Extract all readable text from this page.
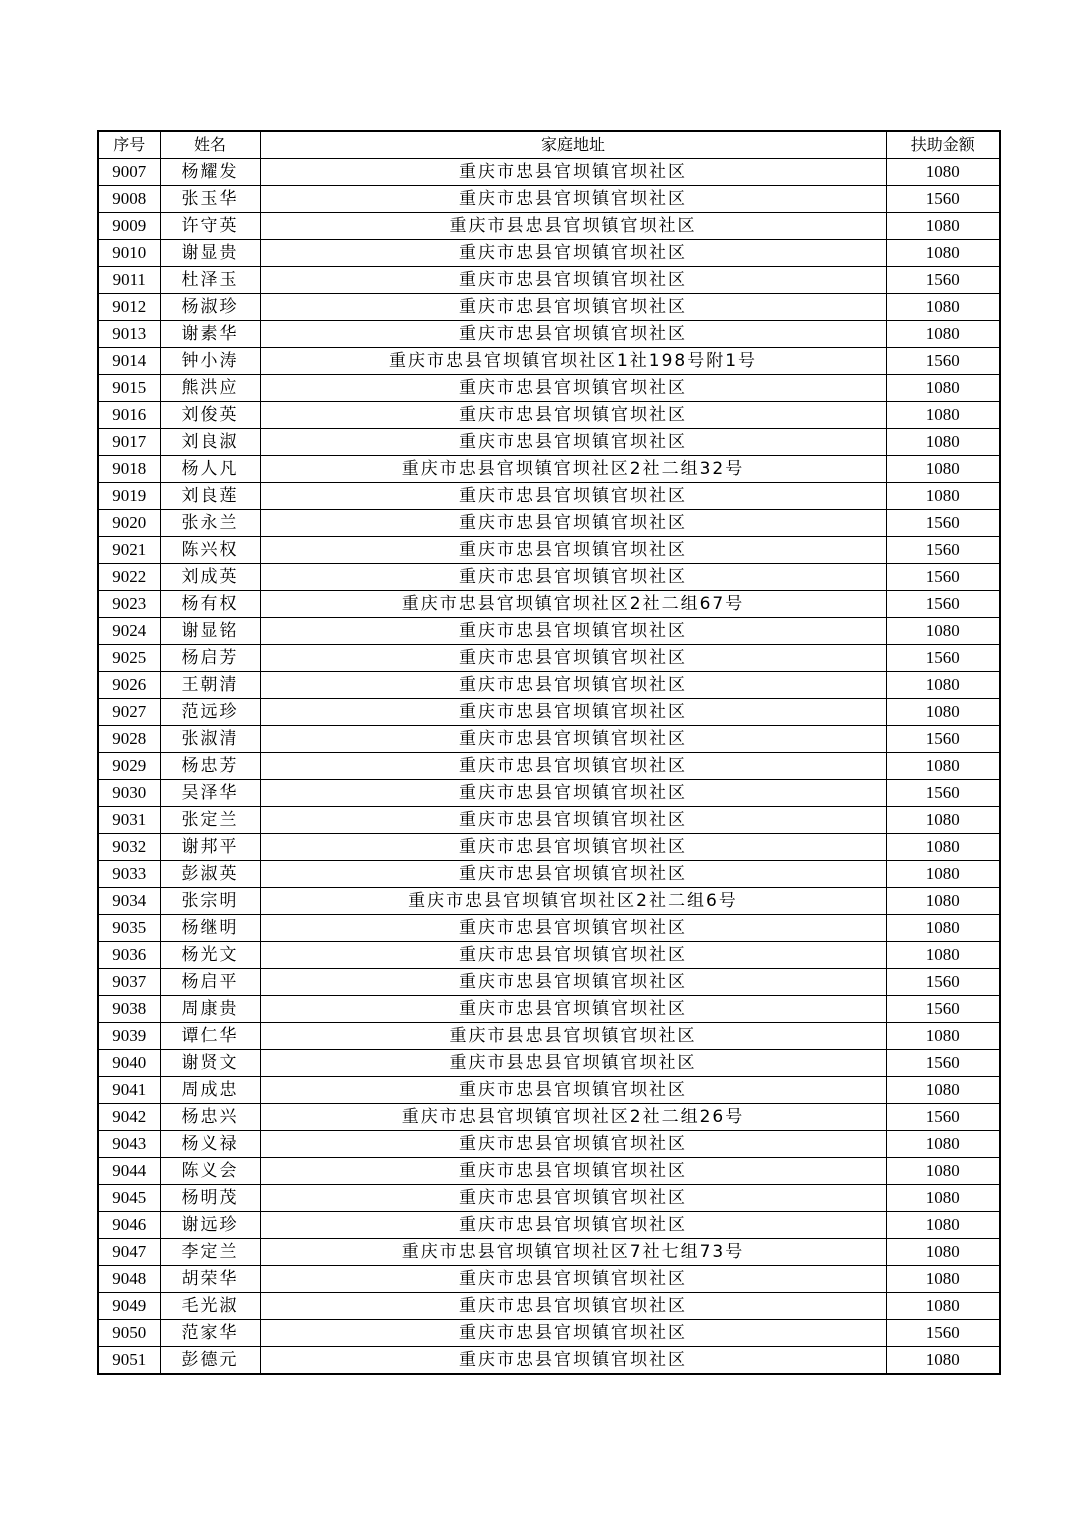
序号	姓名	家庭地址	扶助金额
9007	杨耀发	重庆市忠县官坝镇官坝社区	1080
9008	张玉华	重庆市忠县官坝镇官坝社区	1560
9009	许守英	重庆市县忠县官坝镇官坝社区	1080
9010	谢显贵	重庆市忠县官坝镇官坝社区	1080
9011	杜泽玉	重庆市忠县官坝镇官坝社区	1560
9012	杨淑珍	重庆市忠县官坝镇官坝社区	1080
9013	谢素华	重庆市忠县官坝镇官坝社区	1080
9014	钟小涛	重庆市忠县官坝镇官坝社区1社198号附1号	1560
9015	熊洪应	重庆市忠县官坝镇官坝社区	1080
9016	刘俊英	重庆市忠县官坝镇官坝社区	1080
9017	刘良淑	重庆市忠县官坝镇官坝社区	1080
9018	杨人凡	重庆市忠县官坝镇官坝社区2社二组32号	1080
9019	刘良莲	重庆市忠县官坝镇官坝社区	1080
9020	张永兰	重庆市忠县官坝镇官坝社区	1560
9021	陈兴权	重庆市忠县官坝镇官坝社区	1560
9022	刘成英	重庆市忠县官坝镇官坝社区	1560
9023	杨有权	重庆市忠县官坝镇官坝社区2社二组67号	1560
9024	谢显铭	重庆市忠县官坝镇官坝社区	1080
9025	杨启芳	重庆市忠县官坝镇官坝社区	1560
9026	王朝清	重庆市忠县官坝镇官坝社区	1080
9027	范远珍	重庆市忠县官坝镇官坝社区	1080
9028	张淑清	重庆市忠县官坝镇官坝社区	1560
9029	杨忠芳	重庆市忠县官坝镇官坝社区	1080
9030	吴泽华	重庆市忠县官坝镇官坝社区	1560
9031	张定兰	重庆市忠县官坝镇官坝社区	1080
9032	谢邦平	重庆市忠县官坝镇官坝社区	1080
9033	彭淑英	重庆市忠县官坝镇官坝社区	1080
9034	张宗明	重庆市忠县官坝镇官坝社区2社二组6号	1080
9035	杨继明	重庆市忠县官坝镇官坝社区	1080
9036	杨光文	重庆市忠县官坝镇官坝社区	1080
9037	杨启平	重庆市忠县官坝镇官坝社区	1560
9038	周康贵	重庆市忠县官坝镇官坝社区	1560
9039	谭仁华	重庆市县忠县官坝镇官坝社区	1080
9040	谢贤文	重庆市县忠县官坝镇官坝社区	1560
9041	周成忠	重庆市忠县官坝镇官坝社区	1080
9042	杨忠兴	重庆市忠县官坝镇官坝社区2社二组26号	1560
9043	杨义禄	重庆市忠县官坝镇官坝社区	1080
9044	陈义会	重庆市忠县官坝镇官坝社区	1080
9045	杨明茂	重庆市忠县官坝镇官坝社区	1080
9046	谢远珍	重庆市忠县官坝镇官坝社区	1080
9047	李定兰	重庆市忠县官坝镇官坝社区7社七组73号	1080
9048	胡荣华	重庆市忠县官坝镇官坝社区	1080
9049	毛光淑	重庆市忠县官坝镇官坝社区	1080
9050	范家华	重庆市忠县官坝镇官坝社区	1560
9051	彭德元	重庆市忠县官坝镇官坝社区	1080
